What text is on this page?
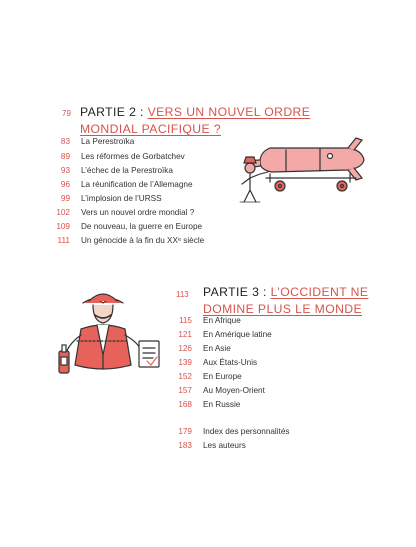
79 PARTIE 2 : VERS UN NOUVEL ORDRE
MONDIAL PACIFIQUE ?
83 La Perestroïka
89 Les réformes de Gorbatchev
93 L’échec de la Perestroïka
96 La réunification de l’Allemagne
99 L’implosion de l’URSS
102 Vers un nouvel ordre mondial ?
109 De nouveau, la guerre en Europe
111 Un génocide à la fin du XXᵉ siècle
113 PARTIE 3 : L’OCCIDENT NE
DOMINE PLUS LE MONDE
115 En Afrique
121 En Amérique latine
126 En Asie
139 Aux États-Unis
152 En Europe
157 Au Moyen-Orient
168 En Russie
179 Index des personnalités
183 Les auteurs
